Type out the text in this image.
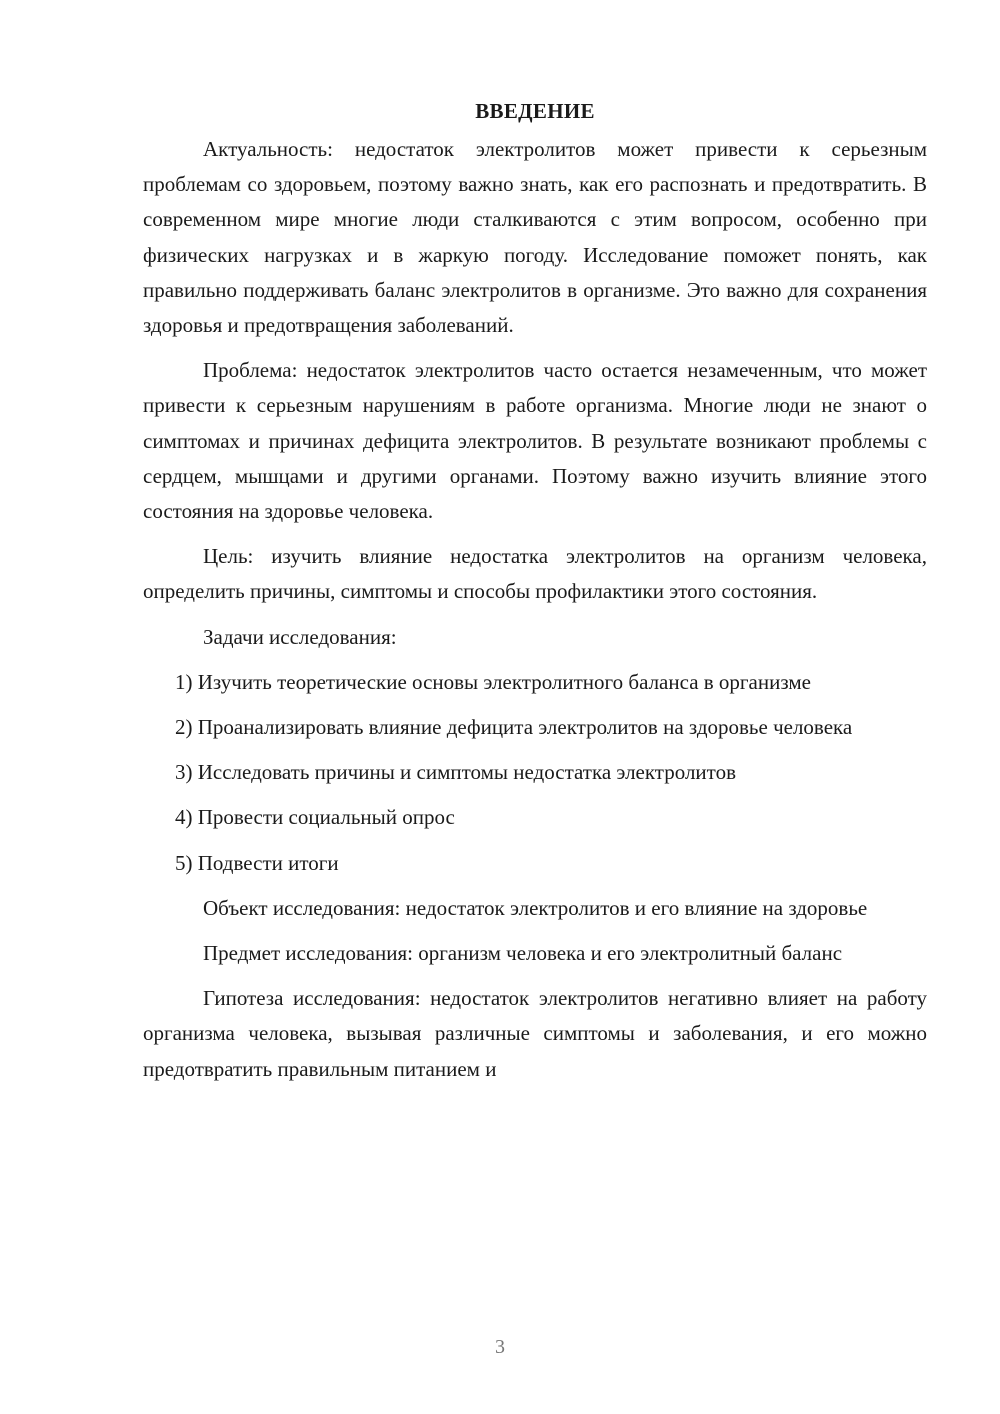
ВВЕДЕНИЕ

Актуальность: недостаток электролитов может привести к серьезным проблемам со здоровьем, поэтому важно знать, как его распознать и предотвратить. В современном мире многие люди сталкиваются с этим вопросом, особенно при физических нагрузках и в жаркую погоду. Исследование поможет понять, как правильно поддерживать баланс электролитов в организме. Это важно для сохранения здоровья и предотвращения заболеваний.

Проблема: недостаток электролитов часто остается незамеченным, что может привести к серьезным нарушениям в работе организма. Многие люди не знают о симптомах и причинах дефицита электролитов. В результате возникают проблемы с сердцем, мышцами и другими органами. Поэтому важно изучить влияние этого состояния на здоровье человека.

Цель: изучить влияние недостатка электролитов на организм человека, определить причины, симптомы и способы профилактики этого состояния.

Задачи исследования:

1) Изучить теоретические основы электролитного баланса в организме

2) Проанализировать влияние дефицита электролитов на здоровье человека

3) Исследовать причины и симптомы недостатка электролитов

4) Провести социальный опрос

5) Подвести итоги

Объект исследования: недостаток электролитов и его влияние на здоровье

Предмет исследования: организм человека и его электролитный баланс

Гипотеза исследования: недостаток электролитов негативно влияет на работу организма человека, вызывая различные симптомы и заболевания, и его можно предотвратить правильным питанием и

3
